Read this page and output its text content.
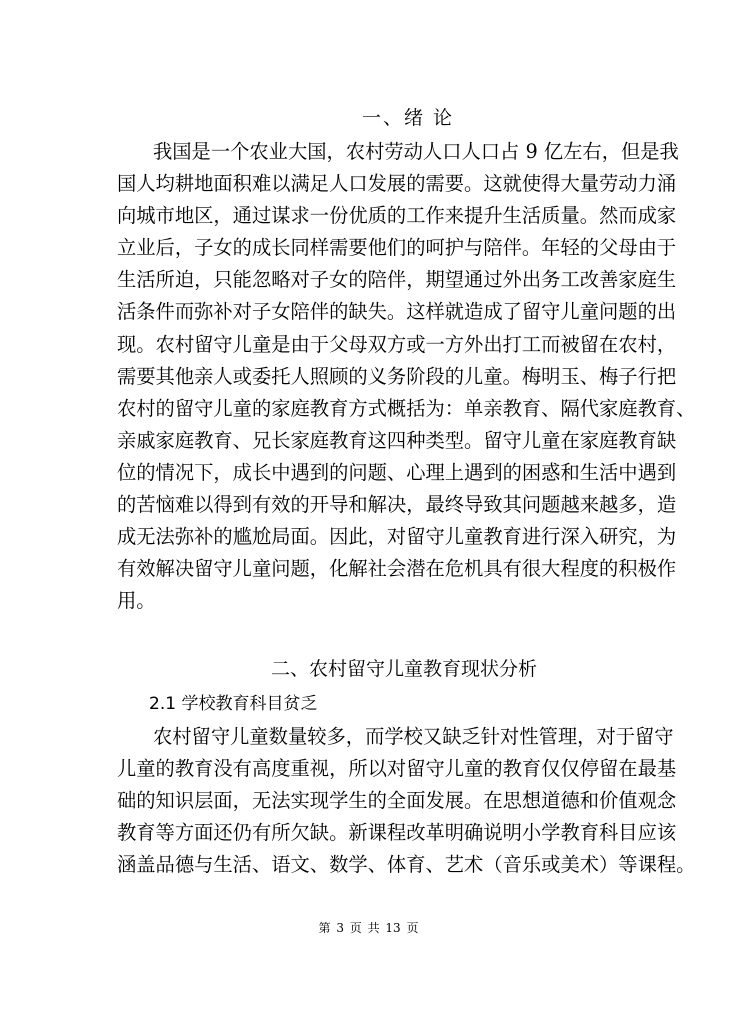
一、绪 论
我国是一个农业大国，农村劳动人口人口占 9 亿左右，但是我
国人均耕地面积难以满足人口发展的需要。这就使得大量劳动力涌
向城市地区，通过谋求一份优质的工作来提升生活质量。然而成家
立业后，子女的成长同样需要他们的呵护与陪伴。年轻的父母由于
生活所迫，只能忽略对子女的陪伴，期望通过外出务工改善家庭生
活条件而弥补对子女陪伴的缺失。这样就造成了留守儿童问题的出
现。农村留守儿童是由于父母双方或一方外出打工而被留在农村，
需要其他亲人或委托人照顾的义务阶段的儿童。梅明玉、梅子行把
农村的留守儿童的家庭教育方式概括为：单亲教育、隔代家庭教育、
亲戚家庭教育、兄长家庭教育这四种类型。留守儿童在家庭教育缺
位的情况下，成长中遇到的问题、心理上遇到的困惑和生活中遇到
的苦恼难以得到有效的开导和解决，最终导致其问题越来越多，造
成无法弥补的尴尬局面。因此，对留守儿童教育进行深入研究，为
有效解决留守儿童问题，化解社会潜在危机具有很大程度的积极作
用。
二、农村留守儿童教育现状分析
2.1 学校教育科目贫乏
农村留守儿童数量较多，而学校又缺乏针对性管理，对于留守
儿童的教育没有高度重视，所以对留守儿童的教育仅仅停留在最基
础的知识层面，无法实现学生的全面发展。在思想道德和价值观念
教育等方面还仍有所欠缺。新课程改革明确说明小学教育科目应该
涵盖品德与生活、语文、数学、体育、艺术（音乐或美术）等课程。
第 3 页 共 13 页
